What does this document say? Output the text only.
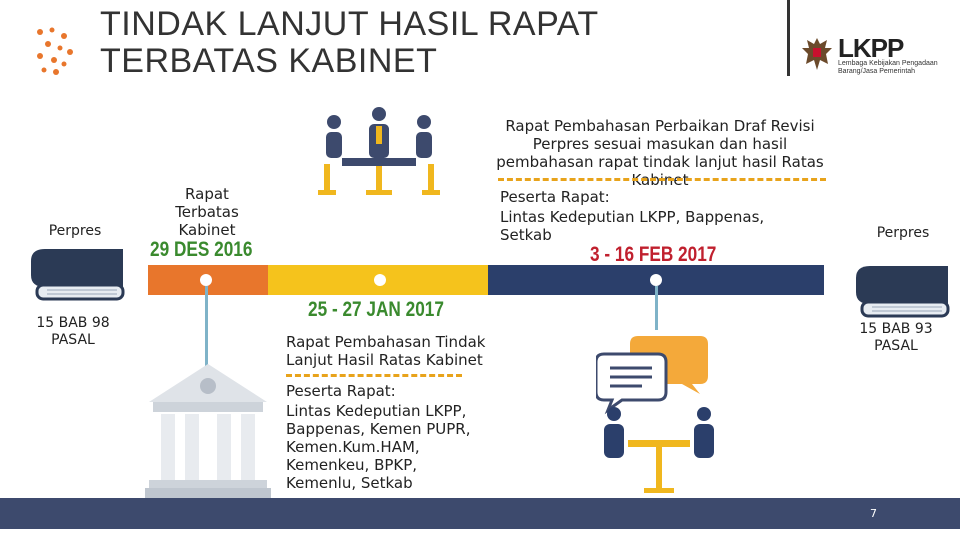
TINDAK LANJUT HASIL RAPAT
TERBATAS KABINET	LKPP
Lembaga Kebijakan Pengadaan Barang/Jasa Pemerintah
Perpres
15 BAB 98 PASAL
Perpres
15 BAB 93 PASAL
Rapat Terbatas Kabinet
29 DES 2016
25 - 27 JAN 2017
Rapat Pembahasan Tindak Lanjut Hasil Ratas Kabinet
Peserta Rapat:
Lintas Kedeputian LKPP, Bappenas, Kemen PUPR, Kemen.Kum.HAM, Kemenkeu, BPKP, Kemenlu, Setkab
Rapat Pembahasan Perbaikan Draf Revisi Perpres sesuai masukan dan hasil pembahasan rapat tindak lanjut hasil Ratas Kabinet
Peserta Rapat:
Lintas Kedeputian LKPP, Bappenas, Setkab
3 - 16 FEB 2017
7
